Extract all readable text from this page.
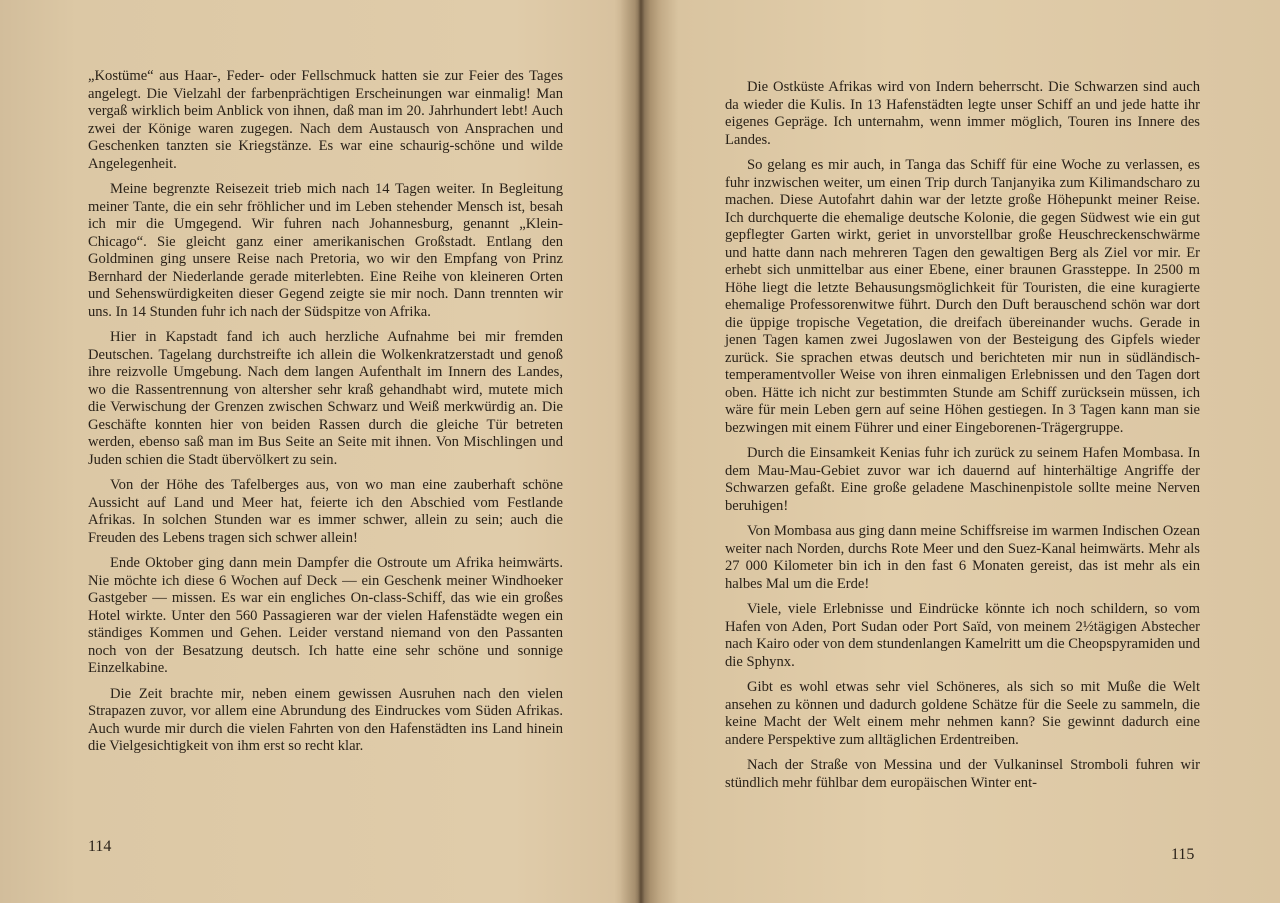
„Kostüme“ aus Haar-, Feder- oder Fellschmuck hatten sie zur Feier des Tages angelegt. Die Vielzahl der farbenprächtigen Erscheinungen war einmalig! Man vergaß wirklich beim Anblick von ihnen, daß man im 20. Jahrhundert lebt! Auch zwei der Könige waren zugegen. Nach dem Austausch von Ansprachen und Geschenken tanzten sie Kriegstänze. Es war eine schaurig-schöne und wilde Angelegenheit.

Meine begrenzte Reisezeit trieb mich nach 14 Tagen weiter. In Begleitung meiner Tante, die ein sehr fröhlicher und im Leben stehender Mensch ist, besah ich mir die Umgegend. Wir fuhren nach Johannesburg, genannt „Klein-Chicago“. Sie gleicht ganz einer amerikanischen Großstadt. Entlang den Goldminen ging unsere Reise nach Pretoria, wo wir den Empfang von Prinz Bernhard der Niederlande gerade miterlebten. Eine Reihe von kleineren Orten und Sehenswürdigkeiten dieser Gegend zeigte sie mir noch. Dann trennten wir uns. In 14 Stunden fuhr ich nach der Südspitze von Afrika.

Hier in Kapstadt fand ich auch herzliche Aufnahme bei mir fremden Deutschen. Tagelang durchstreifte ich allein die Wolkenkratzerstadt und genoß ihre reizvolle Umgebung. Nach dem langen Aufenthalt im Innern des Landes, wo die Rassentrennung von altersher sehr kraß gehandhabt wird, mutete mich die Verwischung der Grenzen zwischen Schwarz und Weiß merkwürdig an. Die Geschäfte konnten hier von beiden Rassen durch die gleiche Tür betreten werden, ebenso saß man im Bus Seite an Seite mit ihnen. Von Mischlingen und Juden schien die Stadt übervölkert zu sein.

Von der Höhe des Tafelberges aus, von wo man eine zauberhaft schöne Aussicht auf Land und Meer hat, feierte ich den Abschied vom Festlande Afrikas. In solchen Stunden war es immer schwer, allein zu sein; auch die Freuden des Lebens tragen sich schwer allein!

Ende Oktober ging dann mein Dampfer die Ostroute um Afrika heimwärts. Nie möchte ich diese 6 Wochen auf Deck — ein Geschenk meiner Windhoeker Gastgeber — missen. Es war ein engliches On-class-Schiff, das wie ein großes Hotel wirkte. Unter den 560 Passagieren war der vielen Hafenstädte wegen ein ständiges Kommen und Gehen. Leider verstand niemand von den Passanten noch von der Besatzung deutsch. Ich hatte eine sehr schöne und sonnige Einzelkabine.

Die Zeit brachte mir, neben einem gewissen Ausruhen nach den vielen Strapazen zuvor, vor allem eine Abrundung des Eindruckes vom Süden Afrikas. Auch wurde mir durch die vielen Fahrten von den Hafenstädten ins Land hinein die Vielgesichtigkeit von ihm erst so recht klar.

114

Die Ostküste Afrikas wird von Indern beherrscht. Die Schwarzen sind auch da wieder die Kulis. In 13 Hafenstädten legte unser Schiff an und jede hatte ihr eigenes Gepräge. Ich unternahm, wenn immer möglich, Touren ins Innere des Landes.

So gelang es mir auch, in Tanga das Schiff für eine Woche zu verlassen, es fuhr inzwischen weiter, um einen Trip durch Tanjanyika zum Kilimandscharo zu machen. Diese Autofahrt dahin war der letzte große Höhepunkt meiner Reise. Ich durchquerte die ehemalige deutsche Kolonie, die gegen Südwest wie ein gut gepflegter Garten wirkt, geriet in unvorstellbar große Heuschreckenschwärme und hatte dann nach mehreren Tagen den gewaltigen Berg als Ziel vor mir. Er erhebt sich unmittelbar aus einer Ebene, einer braunen Grassteppe. In 2500 m Höhe liegt die letzte Behausungsmöglichkeit für Touristen, die eine kuragierte ehemalige Professorenwitwe führt. Durch den Duft berauschend schön war dort die üppige tropische Vegetation, die dreifach übereinander wuchs. Gerade in jenen Tagen kamen zwei Jugoslawen von der Besteigung des Gipfels wieder zurück. Sie sprachen etwas deutsch und berichteten mir nun in südländisch-temperamentvoller Weise von ihren einmaligen Erlebnissen und den Tagen dort oben. Hätte ich nicht zur bestimmten Stunde am Schiff zurücksein müssen, ich wäre für mein Leben gern auf seine Höhen gestiegen. In 3 Tagen kann man sie bezwingen mit einem Führer und einer Eingeborenen-Trägergruppe.

Durch die Einsamkeit Kenias fuhr ich zurück zu seinem Hafen Mombasa. In dem Mau-Mau-Gebiet zuvor war ich dauernd auf hinterhältige Angriffe der Schwarzen gefaßt. Eine große geladene Maschinenpistole sollte meine Nerven beruhigen!

Von Mombasa aus ging dann meine Schiffsreise im warmen Indischen Ozean weiter nach Norden, durchs Rote Meer und den Suez-Kanal heimwärts. Mehr als 27 000 Kilometer bin ich in den fast 6 Monaten gereist, das ist mehr als ein halbes Mal um die Erde!

Viele, viele Erlebnisse und Eindrücke könnte ich noch schildern, so vom Hafen von Aden, Port Sudan oder Port Saïd, von meinem 2½tägigen Abstecher nach Kairo oder von dem stundenlangen Kamelritt um die Cheopspyramiden und die Sphynx.

Gibt es wohl etwas sehr viel Schöneres, als sich so mit Muße die Welt ansehen zu können und dadurch goldene Schätze für die Seele zu sammeln, die keine Macht der Welt einem mehr nehmen kann? Sie gewinnt dadurch eine andere Perspektive zum alltäglichen Erdentreiben.

Nach der Straße von Messina und der Vulkaninsel Stromboli fuhren wir stündlich mehr fühlbar dem europäischen Winter ent-

115
